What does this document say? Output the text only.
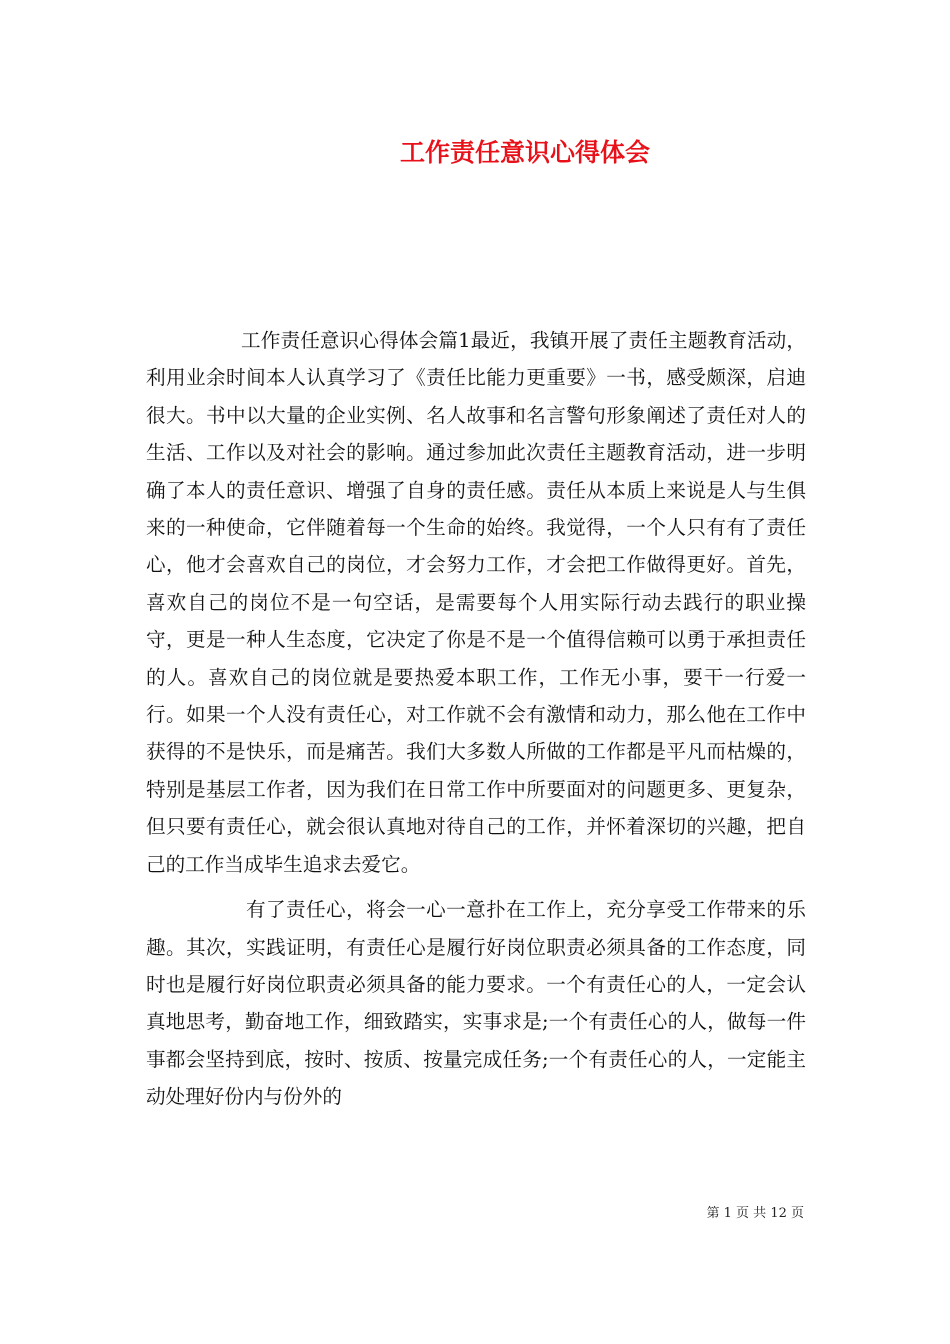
工作责任意识心得体会

工作责任意识心得体会篇1最近，我镇开展了责任主题教育活动，利用业余时间本人认真学习了《责任比能力更重要》一书，感受颇深，启迪很大。书中以大量的企业实例、名人故事和名言警句形象阐述了责任对人的生活、工作以及对社会的影响。通过参加此次责任主题教育活动，进一步明确了本人的责任意识、增强了自身的责任感。责任从本质上来说是人与生俱来的一种使命，它伴随着每一个生命的始终。我觉得，一个人只有有了责任心，他才会喜欢自己的岗位，才会努力工作，才会把工作做得更好。首先，喜欢自己的岗位不是一句空话，是需要每个人用实际行动去践行的职业操守，更是一种人生态度，它决定了你是不是一个值得信赖可以勇于承担责任的人。喜欢自己的岗位就是要热爱本职工作，工作无小事，要干一行爱一行。如果一个人没有责任心，对工作就不会有激情和动力，那么他在工作中获得的不是快乐，而是痛苦。我们大多数人所做的工作都是平凡而枯燥的，特别是基层工作者，因为我们在日常工作中所要面对的问题更多、更复杂，但只要有责任心，就会很认真地对待自己的工作，并怀着深切的兴趣，把自己的工作当成毕生追求去爱它。

有了责任心，将会一心一意扑在工作上，充分享受工作带来的乐趣。其次，实践证明，有责任心是履行好岗位职责必须具备的工作态度，同时也是履行好岗位职责必须具备的能力要求。一个有责任心的人，一定会认真地思考，勤奋地工作，细致踏实，实事求是;一个有责任心的人，做每一件事都会坚持到底，按时、按质、按量完成任务;一个有责任心的人，一定能主动处理好份内与份外的

第 1 页 共 12 页
